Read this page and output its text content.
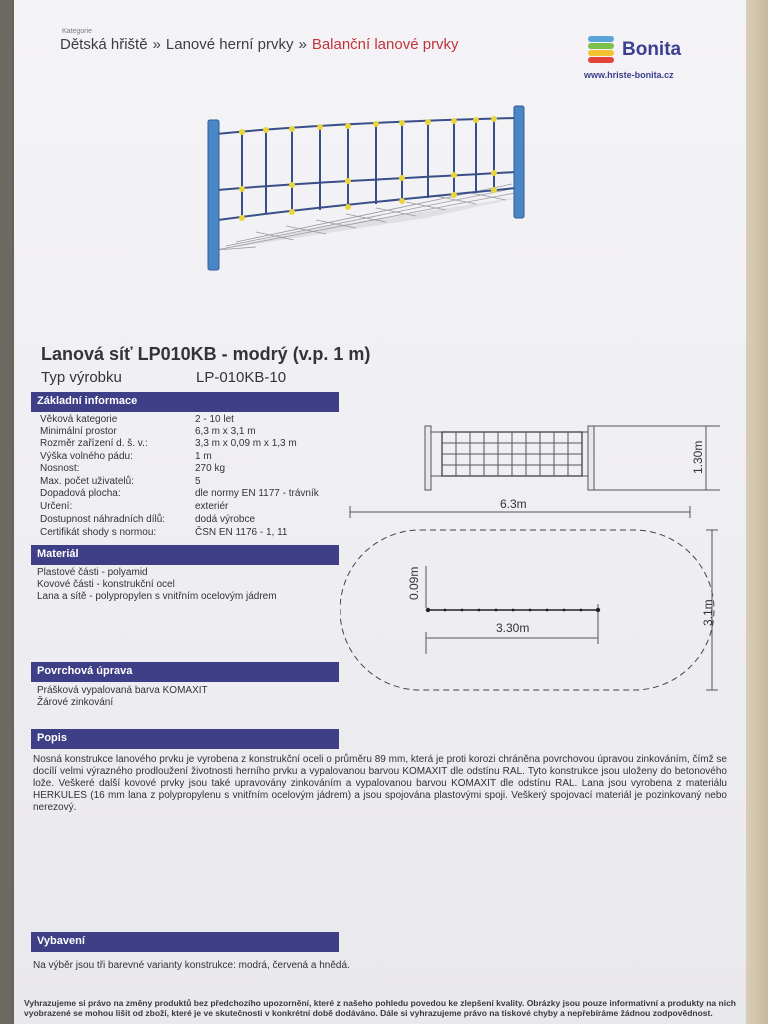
Kategorie
Dětská hřiště » Lanové herní prvky » Balanční lanové prvky	Bonita
www.hriste-bonita.cz
Lanová síť LP010KB - modrý (v.p. 1 m)
Typ výrobku	LP-010KB-10
Základní informace
Věková kategorie	2 - 10 let
Minimální prostor	6,3 m x 3,1 m
Rozměr zařízení d. š. v.:	3,3 m x 0,09 m x 1,3 m
Výška volného pádu:	1 m
Nosnost:	270 kg
Max. počet uživatelů:	5
Dopadová plocha:	dle normy EN 1177 - trávník
Určení:	exteriér
Dostupnost náhradních dílů:	dodá výrobce
Certifikát shody s normou:	ČSN EN 1176 - 1, 11
Materiál
Plastové části - polyamid
Kovové části - konstrukční ocel
Lana a sítě - polypropylen s vnitřním ocelovým jádrem
Povrchová úprava
Prášková vypalovaná barva KOMAXIT
Žárové zinkování
6.3m
1.30m
3.1m
0.09m
3.30m
Popis
Nosná konstrukce lanového prvku je vyrobena z konstrukční oceli o průměru 89 mm, která je proti korozi chráněna povrchovou úpravou zinkováním, čímž se docílí velmi výrazného prodloužení životnosti herního prvku a vypalovanou barvou KOMAXIT dle odstínu RAL. Tyto konstrukce jsou uloženy do betonového lože. Veškeré další kovové prvky jsou také upravovány zinkováním a vypalovanou barvou KOMAXIT dle odstínu RAL. Lana jsou vyrobena z materiálu HERKULES (16 mm lana z polypropylenu s vnitřním ocelovým jádrem) a jsou spojována plastovými spoji. Veškerý spojovací materiál je pozinkovaný nebo nerezový.
Vybavení
Na výběr jsou tři barevné varianty konstrukce: modrá, červená a hnědá.
Vyhrazujeme si právo na změny produktů bez předchozího upozornění, které z našeho pohledu povedou ke zlepšení kvality. Obrázky jsou pouze informativní a produkty na nich vyobrazené se mohou lišit od zboží, které je ve skutečnosti v konkrétní době dodáváno. Dále si vyhrazujeme právo na tiskové chyby a nepřebíráme žádnou zodpovědnost.
